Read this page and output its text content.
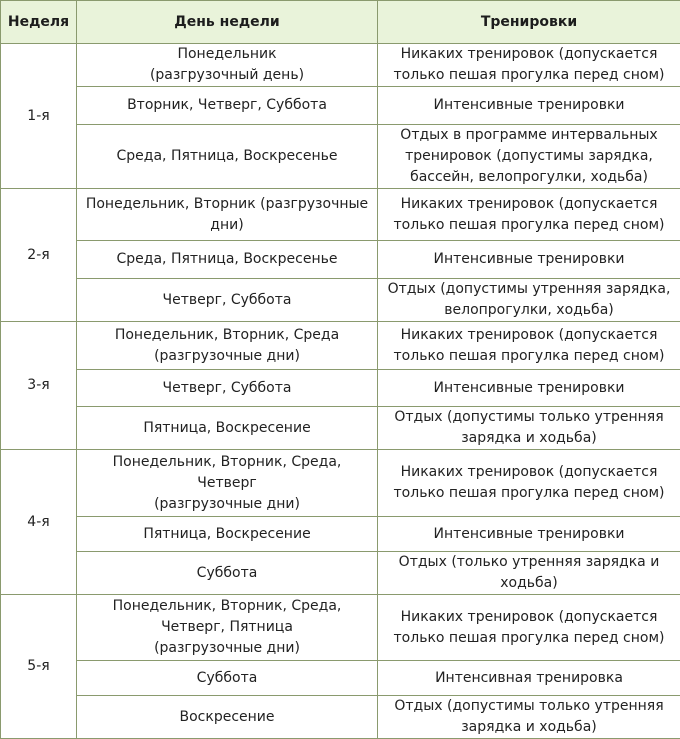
Неделя	День недели	Тренировки
1-я	Понедельник
(разгрузочный день)	Никаких тренировок (допускается
только пешая прогулка перед сном)
	Вторник, Четверг, Суббота	Интенсивные тренировки
	Среда, Пятница, Воскресенье	Отдых в программе интервальных
тренировок (допустимы зарядка,
бассейн, велопрогулки, ходьба)
2-я	Понедельник, Вторник (разгрузочные
дни)	Никаких тренировок (допускается
только пешая прогулка перед сном)
	Среда, Пятница, Воскресенье	Интенсивные тренировки
	Четверг, Суббота	Отдых (допустимы утренняя зарядка,
велопрогулки, ходьба)
3-я	Понедельник, Вторник, Среда
(разгрузочные дни)	Никаких тренировок (допускается
только пешая прогулка перед сном)
	Четверг, Суббота	Интенсивные тренировки
	Пятница, Воскресение	Отдых (допустимы только утренняя
зарядка и ходьба)
4-я	Понедельник, Вторник, Среда,
Четверг
(разгрузочные дни)	Никаких тренировок (допускается
только пешая прогулка перед сном)
	Пятница, Воскресение	Интенсивные тренировки
	Суббота	Отдых (только утренняя зарядка и
ходьба)
5-я	Понедельник, Вторник, Среда,
Четверг, Пятница
(разгрузочные дни)	Никаких тренировок (допускается
только пешая прогулка перед сном)
	Суббота	Интенсивная тренировка
	Воскресение	Отдых (допустимы только утренняя
зарядка и ходьба)
